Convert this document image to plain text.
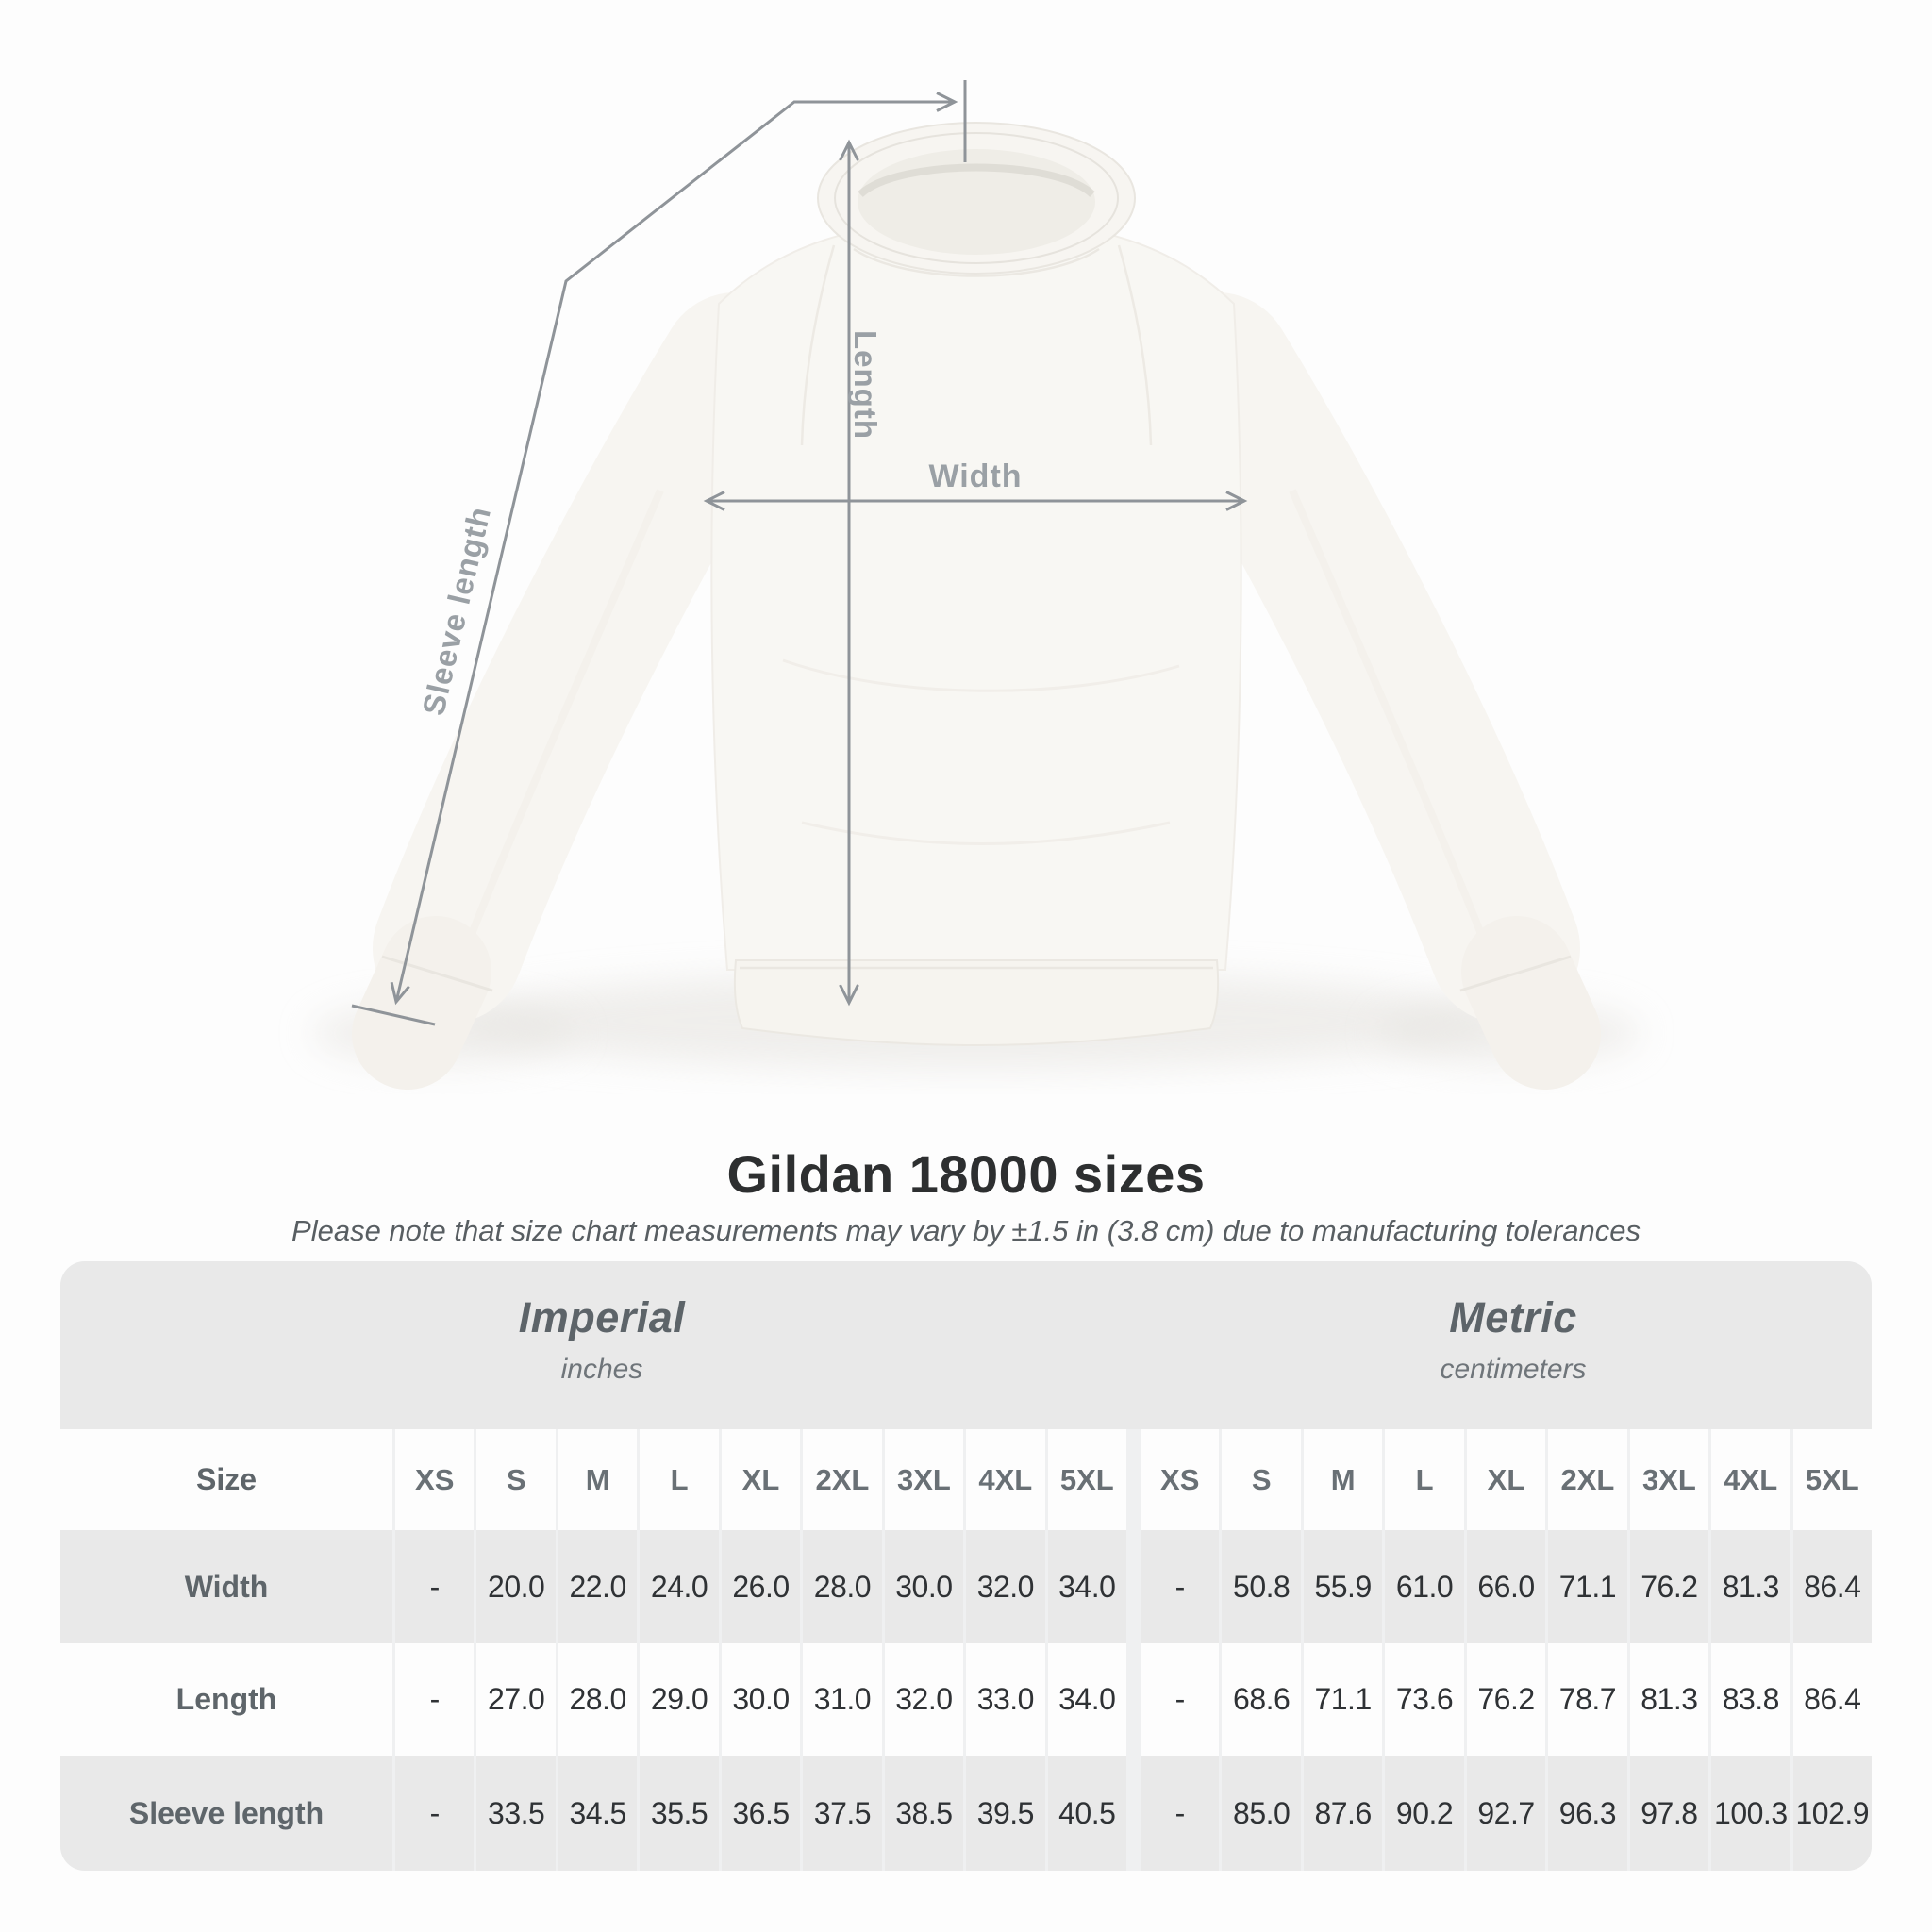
Width
Length
Sleeve length
Gildan 18000 sizes
Please note that size chart measurements may vary by ±1.5 in (3.8 cm) due to manufacturing tolerances
Imperial
inches
Metric
centimeters
Size	XS	S	M	L	XL	2XL 3XL 4XL 5XL	XS	S	M	L	XL	2XL 3XL 4XL 5XL
Width	-	20.0 22.0 24.0 26.0 28.0 30.0 32.0 34.0	-	50.8 55.9 61.0 66.0 71.1 76.2 81.3 86.4
Length	-	27.0 28.0 29.0 30.0 31.0 32.0 33.0 34.0	-	68.6 71.1 73.6 76.2 78.7 81.3 83.8 86.4
Sleeve length	-	33.5 34.5 35.5 36.5 37.5 38.5 39.5 40.5	-	85.0 87.6 90.2 92.7 96.3 97.8 100.3 102.9
